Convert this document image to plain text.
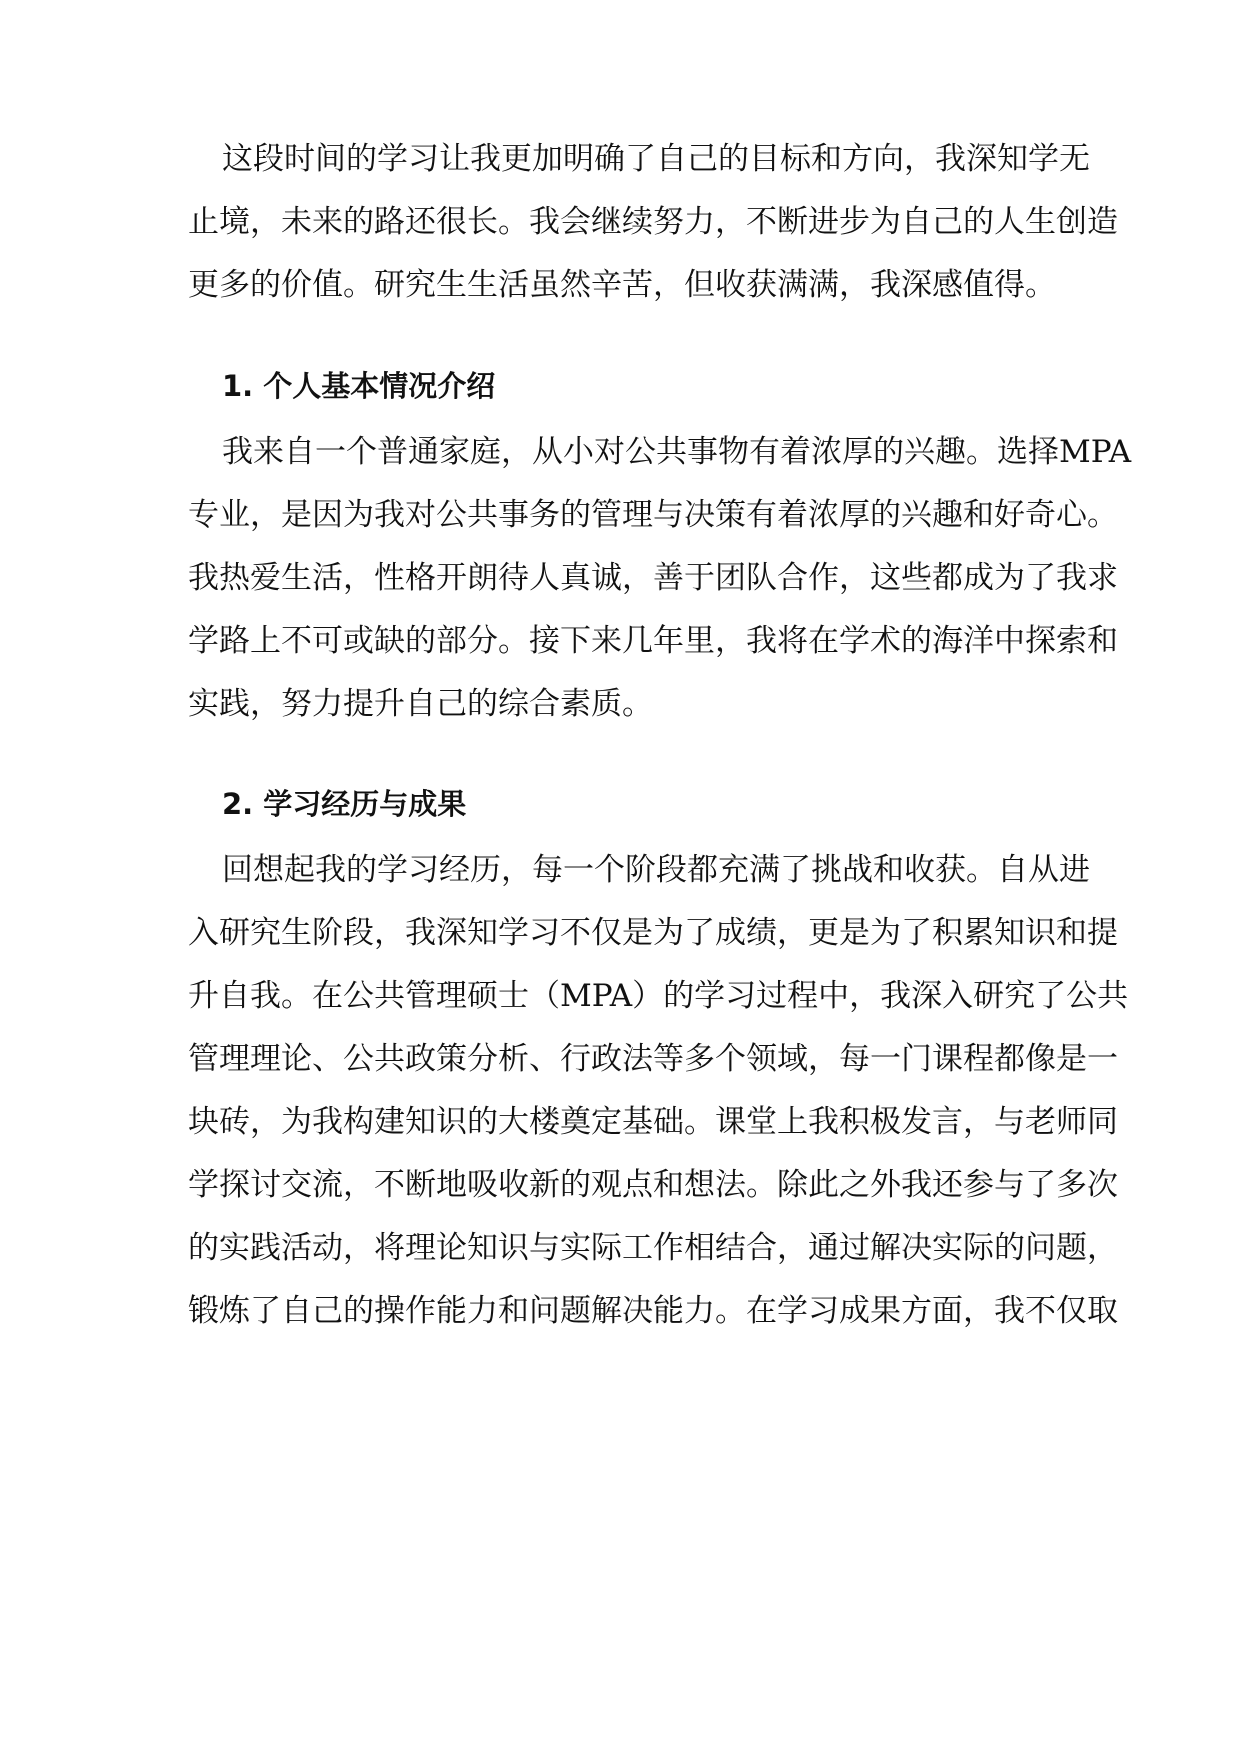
这段时间的学习让我更加明确了自己的目标和方向，我深知学无
止境，未来的路还很长。我会继续努力，不断进步为自己的人生创造
更多的价值。研究生生活虽然辛苦，但收获满满，我深感值得。
1. 个人基本情况介绍
我来自一个普通家庭，从小对公共事物有着浓厚的兴趣。选择MPA
专业，是因为我对公共事务的管理与决策有着浓厚的兴趣和好奇心。
我热爱生活，性格开朗待人真诚，善于团队合作，这些都成为了我求
学路上不可或缺的部分。接下来几年里，我将在学术的海洋中探索和
实践，努力提升自己的综合素质。
2. 学习经历与成果
回想起我的学习经历，每一个阶段都充满了挑战和收获。自从进
入研究生阶段，我深知学习不仅是为了成绩，更是为了积累知识和提
升自我。在公共管理硕士（MPA）的学习过程中，我深入研究了公共
管理理论、公共政策分析、行政法等多个领域，每一门课程都像是一
块砖，为我构建知识的大楼奠定基础。课堂上我积极发言，与老师同
学探讨交流，不断地吸收新的观点和想法。除此之外我还参与了多次
的实践活动，将理论知识与实际工作相结合，通过解决实际的问题，
锻炼了自己的操作能力和问题解决能力。在学习成果方面，我不仅取
